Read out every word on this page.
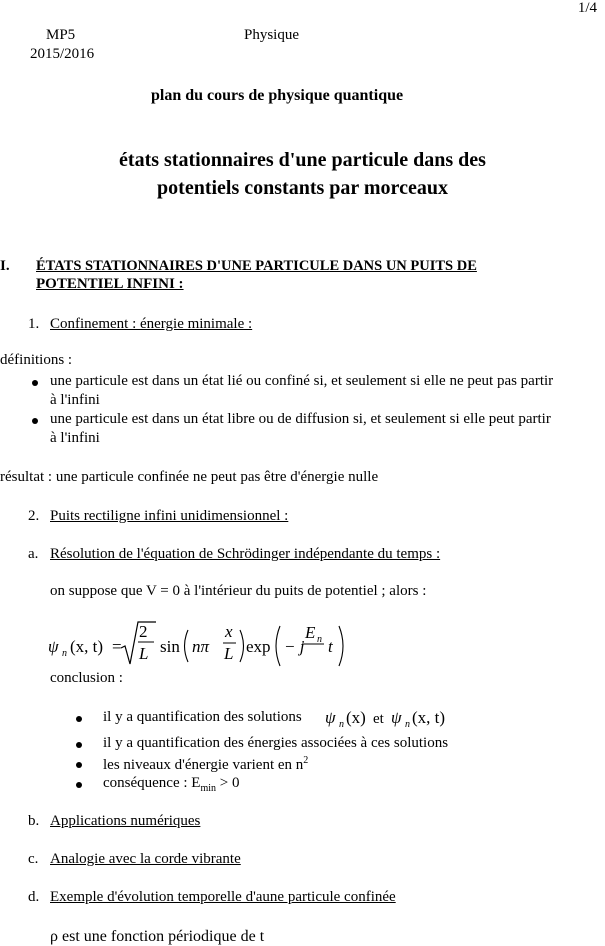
1/4
MP5
2015/2016
Physique
plan du cours de physique quantique
états stationnaires d'une particule dans des
potentiels constants par morceaux
I. ÉTATS STATIONNAIRES D'UNE PARTICULE DANS UN PUITS DE
POTENTIEL INFINI :
1. Confinement : énergie minimale :
définitions :
une particule est dans un état lié ou confiné si, et seulement si elle ne peut pas partir
à l'infini
une particule est dans un état libre ou de diffusion si, et seulement si elle peut partir
à l'infini
résultat : une particule confinée ne peut pas être d'énergie nulle
2. Puits rectiligne infini unidimensionnel :
a. Résolution de l'équation de Schrödinger indépendante du temps :
on suppose que V = 0 à l'intérieur du puits de potentiel ; alors :
ψ n (x, t) =
2
L sin nπ
x
L exp − j
E n t
conclusion :
il y a quantification des solutions ψ n (x) et ψ n (x, t)
il y a quantification des énergies associées à ces solutions
les niveaux d'énergie varient en $n^2$
conséquence : $E_{min} > 0$
b. Applications numériques
c. Analogie avec la corde vibrante
d. Exemple d'évolution temporelle d'aune particule confinée
ρ est une fonction périodique de t
